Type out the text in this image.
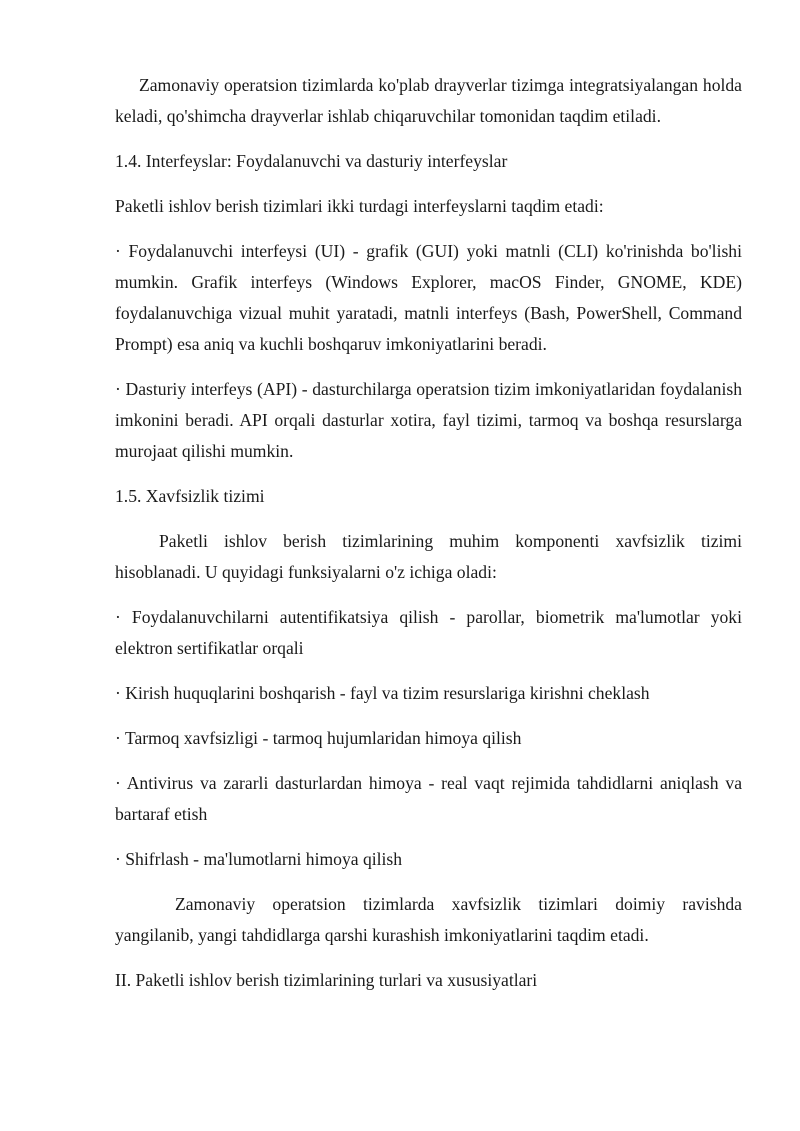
Zamonaviy operatsion tizimlarda ko'plab drayverlar tizimga integratsiyalangan holda keladi, qo'shimcha drayverlar ishlab chiqaruvchilar tomonidan taqdim etiladi.

1.4. Interfeyslar: Foydalanuvchi va dasturiy interfeyslar

Paketli ishlov berish tizimlari ikki turdagi interfeyslarni taqdim etadi:

· Foydalanuvchi interfeysi (UI) - grafik (GUI) yoki matnli (CLI) ko'rinishda bo'lishi mumkin. Grafik interfeys (Windows Explorer, macOS Finder, GNOME, KDE) foydalanuvchiga vizual muhit yaratadi, matnli interfeys (Bash, PowerShell, Command Prompt) esa aniq va kuchli boshqaruv imkoniyatlarini beradi.

· Dasturiy interfeys (API) - dasturchilarga operatsion tizim imkoniyatlaridan foydalanish imkonini beradi. API orqali dasturlar xotira, fayl tizimi, tarmoq va boshqa resurslarga murojaat qilishi mumkin.

1.5. Xavfsizlik tizimi

Paketli ishlov berish tizimlarining muhim komponenti xavfsizlik tizimi hisoblanadi. U quyidagi funksiyalarni o'z ichiga oladi:

· Foydalanuvchilarni autentifikatsiya qilish - parollar, biometrik ma'lumotlar yoki elektron sertifikatlar orqali

· Kirish huquqlarini boshqarish - fayl va tizim resurslariga kirishni cheklash

· Tarmoq xavfsizligi - tarmoq hujumlaridan himoya qilish

· Antivirus va zararli dasturlardan himoya - real vaqt rejimida tahdidlarni aniqlash va bartaraf etish

· Shifrlash - ma'lumotlarni himoya qilish

Zamonaviy operatsion tizimlarda xavfsizlik tizimlari doimiy ravishda yangilanib, yangi tahdidlarga qarshi kurashish imkoniyatlarini taqdim etadi.

II. Paketli ishlov berish tizimlarining turlari va xususiyatlari
